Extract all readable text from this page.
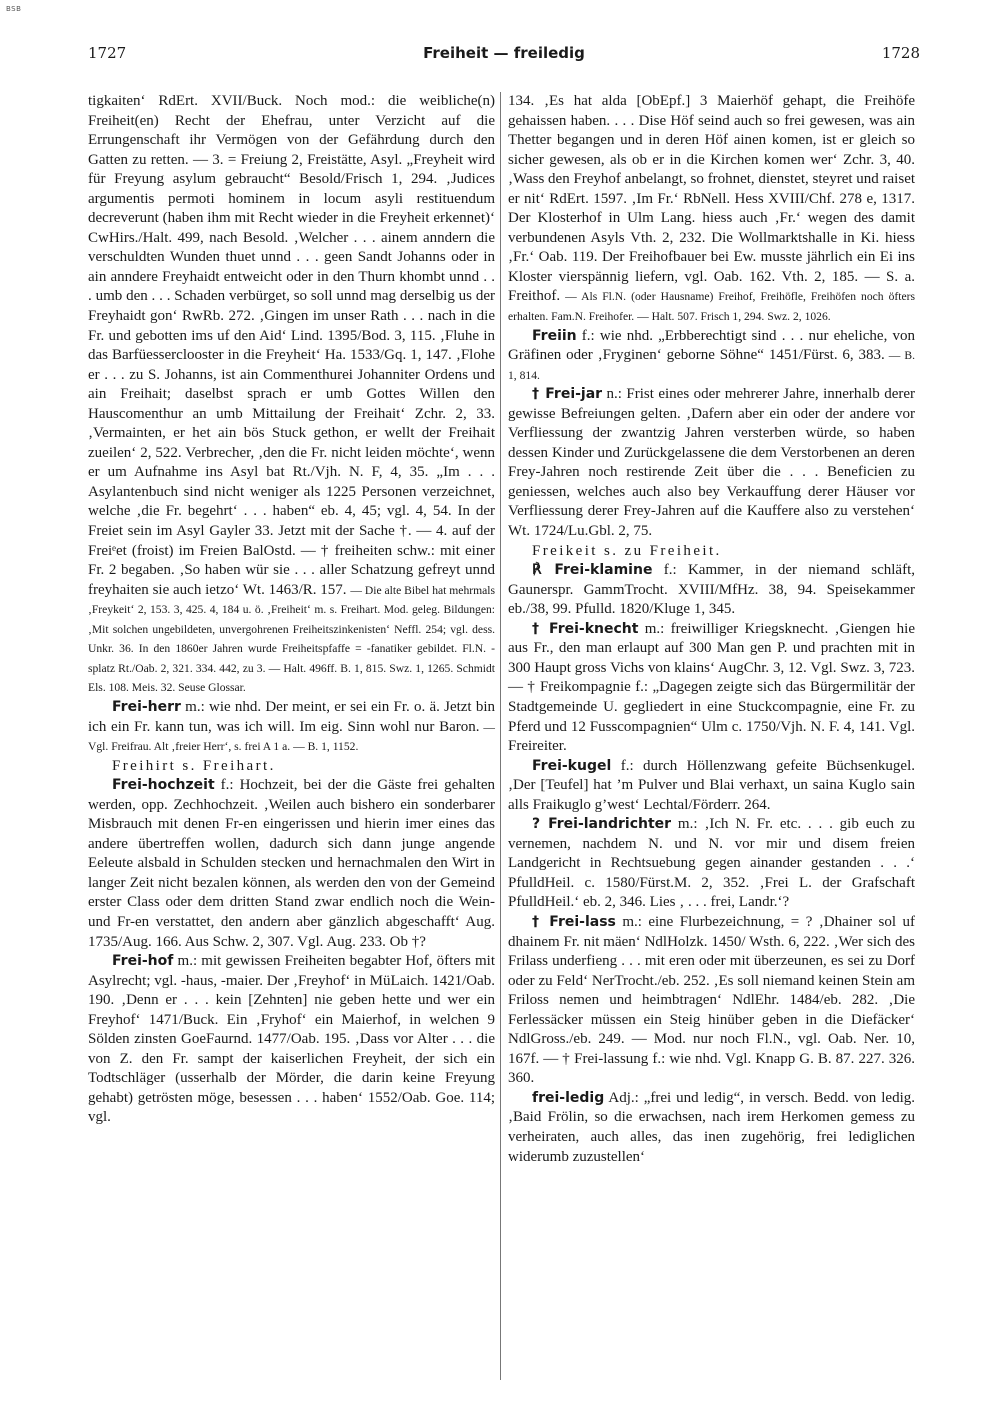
BSB
1727	Freiheit — freiledig	1728

tigkaiten‘ RdErt. XVII/Buck. Noch mod.: die weibliche(n) Freiheit(en) Recht der Ehefrau, unter Verzicht auf die Errungenschaft ihr Vermögen von der Gefährdung durch den Gatten zu retten. — 3. = Freiung 2, Freistätte, Asyl. „Freyheit wird für Freyung asylum gebraucht“ Besold/Frisch 1, 294. ‚Judices argumentis permoti hominem in locum asyli restituendum decreverunt (haben ihm mit Recht wieder in die Freyheit erkennet)‘ CwHirs./Halt. 499, nach Besold. ‚Welcher . . . ainem anndern die verschuldten Wunden thuet unnd . . . geen Sandt Johanns oder in ain anndere Freyhaidt entweicht oder in den Thurn khombt unnd . . . umb den . . . Schaden verbürget, so soll unnd mag derselbig us der Freyhaidt gon‘ RwRb. 272. ‚Gingen im unser Rath . . . nach in die Fr. und gebotten ims uf den Aid‘ Lind. 1395/Bod. 3, 115. ‚Fluhe in das Barfüesserclooster in die Freyheit‘ Ha. 1533/Gq. 1, 147. ‚Flohe er . . . zu S. Johanns, ist ain Commenthurei Johanniter Ordens und ain Freihait; daselbst sprach er umb Gottes Willen den Hauscomenthur an umb Mittailung der Freihait‘ Zchr. 2, 33. ‚Vermainten, er het ain bös Stuck gethon, er wellt der Freihait zueilen‘ 2, 522. Verbrecher, ‚den die Fr. nicht leiden möchte‘, wenn er um Aufnahme ins Asyl bat Rt./Vjh. N. F, 4, 35. „Im . . . Asylantenbuch sind nicht weniger als 1225 Personen verzeichnet, welche ‚die Fr. begehrt‘ . . . haben“ eb. 4, 45; vgl. 4, 54. In der Freiet sein im Asyl Gayler 33. Jetzt mit der Sache †. — 4. auf der Freiᵉet (froist) im Freien BalOstd. — † freiheiten schw.: mit einer Fr. 2 begaben. ‚So haben wür sie . . . aller Schatzung gefreyt unnd freyhaiten sie auch ietzo‘ Wt. 1463/R. 157. — Die alte Bibel hat mehrmals ‚Freykeit‘ 2, 153. 3, 425. 4, 184 u. ö. ‚Freiheit‘ m. s. Freihart. Mod. geleg. Bildungen: ‚Mit solchen ungebildeten, unvergohrenen Freiheitszinkenisten‘ Neffl. 254; vgl. dess. Unkr. 36. In den 1860er Jahren wurde Freiheitspfaffe = -fanatiker gebildet. Fl.N. -splatz Rt./Oab. 2, 321. 334. 442, zu 3. — Halt. 496ff. B. 1, 815. Swz. 1, 1265. Schmidt Els. 108. Meis. 32. Seuse Glossar.

Frei-herr m.: wie nhd. Der meint, er sei ein Fr. o. ä. Jetzt bin ich ein Fr. kann tun, was ich will. Im eig. Sinn wohl nur Baron. — Vgl. Freifrau. Alt ‚freier Herr‘, s. frei A 1 a. — B. 1, 1152.

Freihirt s. Freihart.

Frei-hochzeit f.: Hochzeit, bei der die Gäste frei gehalten werden, opp. Zechhochzeit. ‚Weilen auch bishero ein sonderbarer Misbrauch mit denen Fr-en eingerissen und hierin imer eines das andere übertreffen wollen, dadurch sich dann junge angende Eeleute alsbald in Schulden stecken und hernachmalen den Wirt in langer Zeit nicht bezalen können, als werden den von der Gemeind erster Class oder dem dritten Stand zwar endlich noch die Wein- und Fr-en verstattet, den andern aber gänzlich abgeschafft‘ Aug. 1735/Aug. 166. Aus Schw. 2, 307. Vgl. Aug. 233. Ob †?

Frei-hof m.: mit gewissen Freiheiten begabter Hof, öfters mit Asylrecht; vgl. -haus, -maier. Der ‚Freyhof‘ in MüLaich. 1421/Oab. 190. ‚Denn er . . . kein [Zehnten] nie geben hette und wer ein Freyhof‘ 1471/Buck. Ein ‚Fryhof‘ ein Maierhof, in welchen 9 Sölden zinsten GoeFaurnd. 1477/Oab. 195. ‚Dass vor Alter . . . die von Z. den Fr. sampt der kaiserlichen Freyheit, der sich ein Todtschläger (usserhalb der Mörder, die darin keine Freyung gehabt) getrösten möge, besessen . . . haben‘ 1552/Oab. Goe. 114; vgl.

134. ‚Es hat alda [ObEpf.] 3 Maierhöf gehapt, die Freihöfe gehaissen haben. . . . Dise Höf seind auch so frei gewesen, was ain Thetter begangen und in deren Höf ainen komen, ist er gleich so sicher gewesen, als ob er in die Kirchen komen wer‘ Zchr. 3, 40. ‚Wass den Freyhof anbelangt, so frohnet, dienstet, steyret und raiset er nit‘ RdErt. 1597. ‚Im Fr.‘ RbNell. Hess XVIII/Chf. 278 e, 1317. Der Klosterhof in Ulm Lang. hiess auch ‚Fr.‘ wegen des damit verbundenen Asyls Vth. 2, 232. Die Wollmarktshalle in Ki. hiess ‚Fr.‘ Oab. 119. Der Freihofbauer bei Ew. musste jährlich ein Ei ins Kloster vierspännig liefern, vgl. Oab. 162. Vth. 2, 185. — S. a. Freithof. — Als Fl.N. (oder Hausname) Freihof, Freihöfle, Freihöfen noch öfters erhalten. Fam.N. Freihofer. — Halt. 507. Frisch 1, 294. Swz. 2, 1026.

Freiin f.: wie nhd. „Erbberechtigt sind . . . nur eheliche, von Gräfinen oder ‚Fryginen‘ geborne Söhne“ 1451/Fürst. 6, 383. — B. 1, 814.

† Frei-jar n.: Frist eines oder mehrerer Jahre, innerhalb derer gewisse Befreiungen gelten. ‚Dafern aber ein oder der andere vor Verfliessung der zwantzig Jahren versterben würde, so haben dessen Kinder und Zurückgelassene die dem Verstorbenen an deren Frey-Jahren noch restirende Zeit über die . . . Beneficien zu geniessen, welches auch also bey Verkauffung derer Häuser vor Verfliessung derer Frey-Jahren auf die Kauffere also zu verstehen‘ Wt. 1724/Lu.Gbl. 2, 75.

Freikeit s. zu Freiheit.

℟ Frei-klamine f.: Kammer, in der niemand schläft, Gaunerspr. GammTrocht. XVIII/MfHz. 38, 94. Speisekammer eb./38, 99. Pfulld. 1820/Kluge 1, 345.

† Frei-knecht m.: freiwilliger Kriegsknecht. ‚Giengen hie aus Fr., den man erlaupt auf 300 Man gen P. und prachten mit in 300 Haupt gross Vichs von klains‘ AugChr. 3, 12. Vgl. Swz. 3, 723. — † Freikompagnie f.: „Dagegen zeigte sich das Bürgermilitär der Stadtgemeinde U. gegliedert in eine Stuckcompagnie, eine Fr. zu Pferd und 12 Fusscompagnien“ Ulm c. 1750/Vjh. N. F. 4, 141. Vgl. Freireiter.

Frei-kugel f.: durch Höllenzwang gefeite Büchsenkugel. ‚Der [Teufel] hat ’m Pulver und Blai verhaxt, un saina Kuglo sain alls Fraikuglo g’west‘ Lechtal/Förderr. 264.

? Frei-landrichter m.: ‚Ich N. Fr. etc. . . . gib euch zu vernemen, nachdem N. und N. vor mir und disem freien Landgericht in Rechtsuebung gegen ainander gestanden . . .‘ PfulldHeil. c. 1580/Fürst.M. 2, 352. ‚Frei L. der Grafschaft PfulldHeil.‘ eb. 2, 346. Lies ‚ . . . frei, Landr.‘?

† Frei-lass m.: eine Flurbezeichnung, = ? ‚Dhainer sol uf dhainem Fr. nit mäen‘ NdlHolzk. 1450/ Wsth. 6, 222. ‚Wer sich des Frilass underfieng . . . mit eren oder mit überzeunen, es sei zu Dorf oder zu Feld‘ NerTrocht./eb. 252. ‚Es soll niemand keinen Stein am Friloss nemen und heimbtragen‘ NdlEhr. 1484/eb. 282. ‚Die Ferlessäcker müssen ein Steig hinüber geben in die Diefäcker‘ NdlGross./eb. 249. — Mod. nur noch Fl.N., vgl. Oab. Ner. 10, 167f. — † Frei-lassung f.: wie nhd. Vgl. Knapp G. B. 87. 227. 326. 360.

frei-ledig Adj.: „frei und ledig“, in versch. Bedd. von ledig. ‚Baid Frölin, so die erwachsen, nach irem Herkomen gemess zu verheiraten, auch alles, das inen zugehörig, frei lediglichen widerumb zuzustellen‘
